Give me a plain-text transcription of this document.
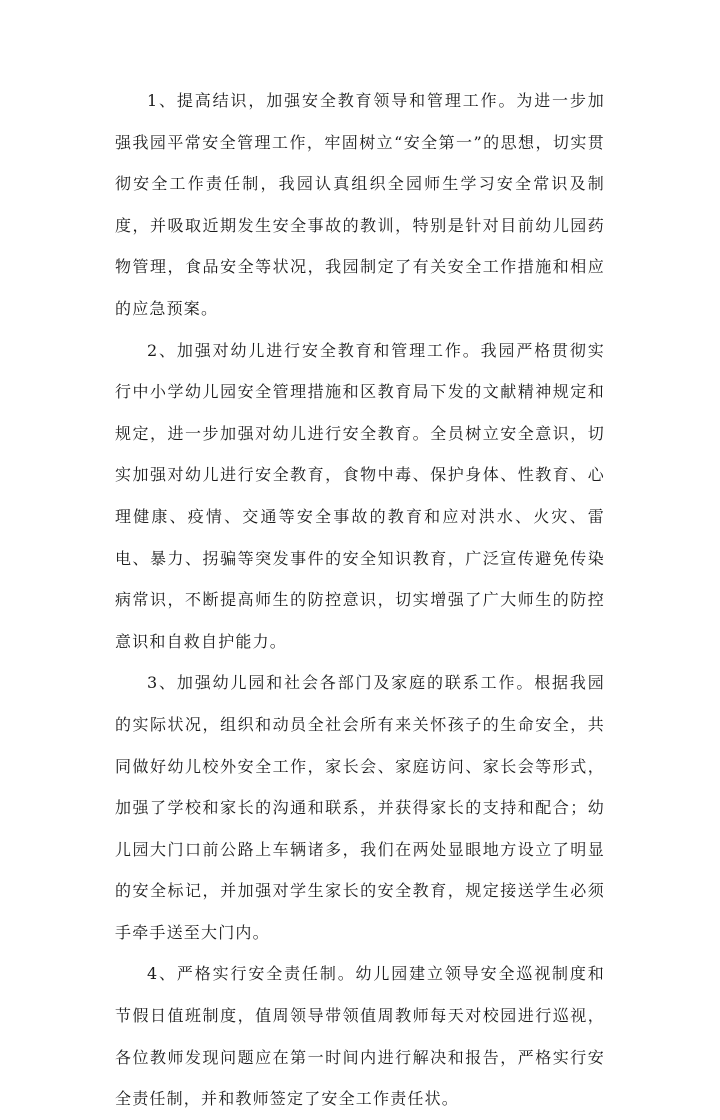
1、提高结识，加强安全教育领导和管理工作。为进一步加强我园平常安全管理工作，牢固树立“安全第一”的思想，切实贯彻安全工作责任制，我园认真组织全园师生学习安全常识及制度，并吸取近期发生安全事故的教训，特别是针对目前幼儿园药物管理，食品安全等状况，我园制定了有关安全工作措施和相应的应急预案。

2、加强对幼儿进行安全教育和管理工作。我园严格贯彻实行中小学幼儿园安全管理措施和区教育局下发的文献精神规定和规定，进一步加强对幼儿进行安全教育。全员树立安全意识，切实加强对幼儿进行安全教育，食物中毒、保护身体、性教育、心理健康、疫情、交通等安全事故的教育和应对洪水、火灾、雷电、暴力、拐骗等突发事件的安全知识教育，广泛宣传避免传染病常识，不断提高师生的防控意识，切实增强了广大师生的防控意识和自救自护能力。

3、加强幼儿园和社会各部门及家庭的联系工作。根据我园的实际状况，组织和动员全社会所有来关怀孩子的生命安全，共同做好幼儿校外安全工作，家长会、家庭访问、家长会等形式，加强了学校和家长的沟通和联系，并获得家长的支持和配合；幼儿园大门口前公路上车辆诸多，我们在两处显眼地方设立了明显的安全标记，并加强对学生家长的安全教育，规定接送学生必须手牵手送至大门内。

4、严格实行安全责任制。幼儿园建立领导安全巡视制度和节假日值班制度，值周领导带领值周教师每天对校园进行巡视，各位教师发现问题应在第一时间内进行解决和报告，严格实行安全责任制，并和教师签定了安全工作责任状。
